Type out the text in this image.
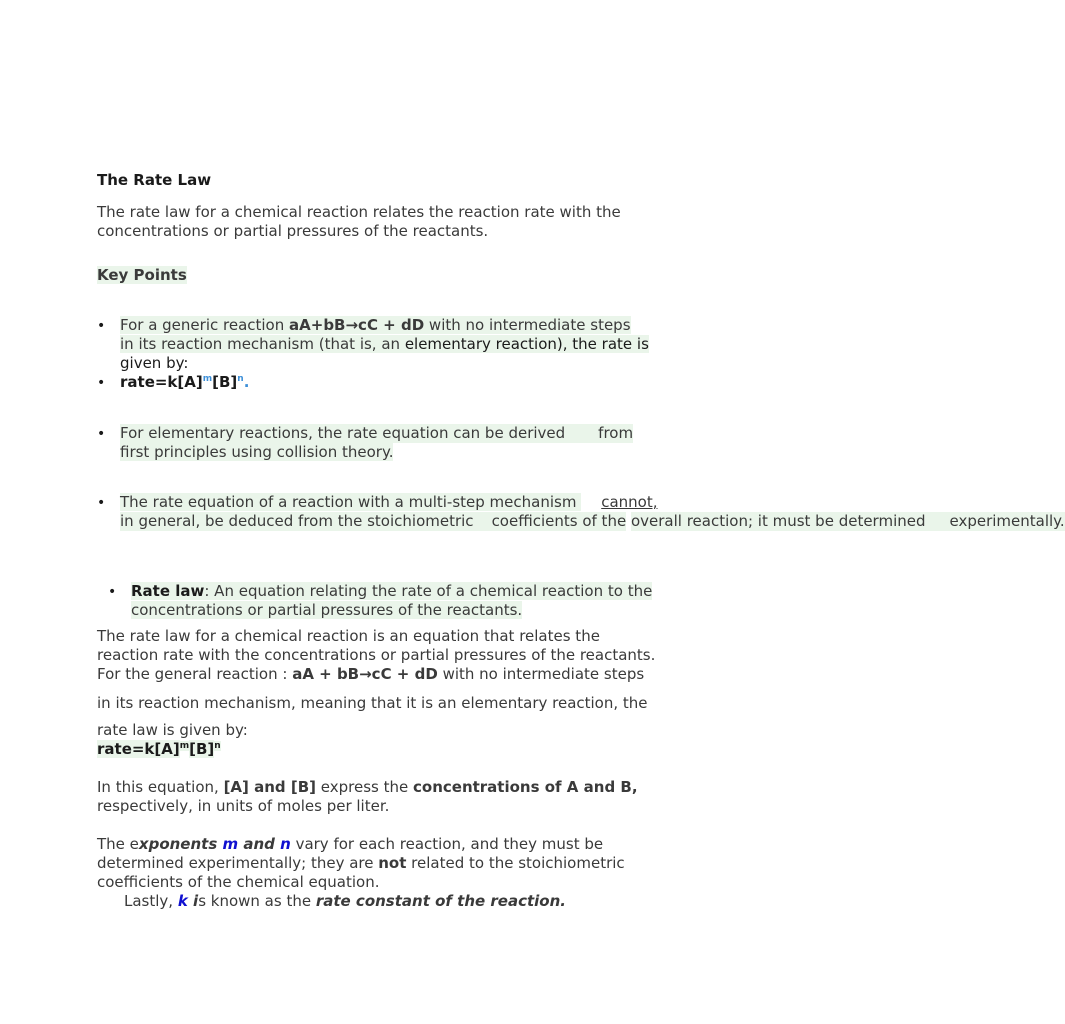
The Rate Law
The rate law for a chemical reaction relates the reaction rate with the
concentrations or partial pressures of the reactants.
Key Points
• For a generic reaction aA+bB→cC + dD with no intermediate steps
in its reaction mechanism (that is, an elementary reaction), the rate is
given by:
• $rate=k[A]^m[B]^n$.
• For elementary reactions, the rate equation can be derived from
first principles using collision theory.
• The rate equation of a reaction with a multi-step mechanism cannot,
in general, be deduced from the stoichiometric coefficients of the overall reaction; it must be determined experimentally.
• Rate law: An equation relating the rate of a chemical reaction to the
concentrations or partial pressures of the reactants.
The rate law for a chemical reaction is an equation that relates the
reaction rate with the concentrations or partial pressures of the reactants.
For the general reaction : aA + bB→cC + dD with no intermediate steps
in its reaction mechanism, meaning that it is an elementary reaction, the
rate law is given by:
$rate=k[A]^m[B]^n$
In this equation, [A] and [B] express the concentrations of A and B,
respectively, in units of moles per liter.
The exponents m and n vary for each reaction, and they must be
determined experimentally; they are not related to the stoichiometric
coefficients of the chemical equation.
Lastly, k is known as the rate constant of the reaction.
